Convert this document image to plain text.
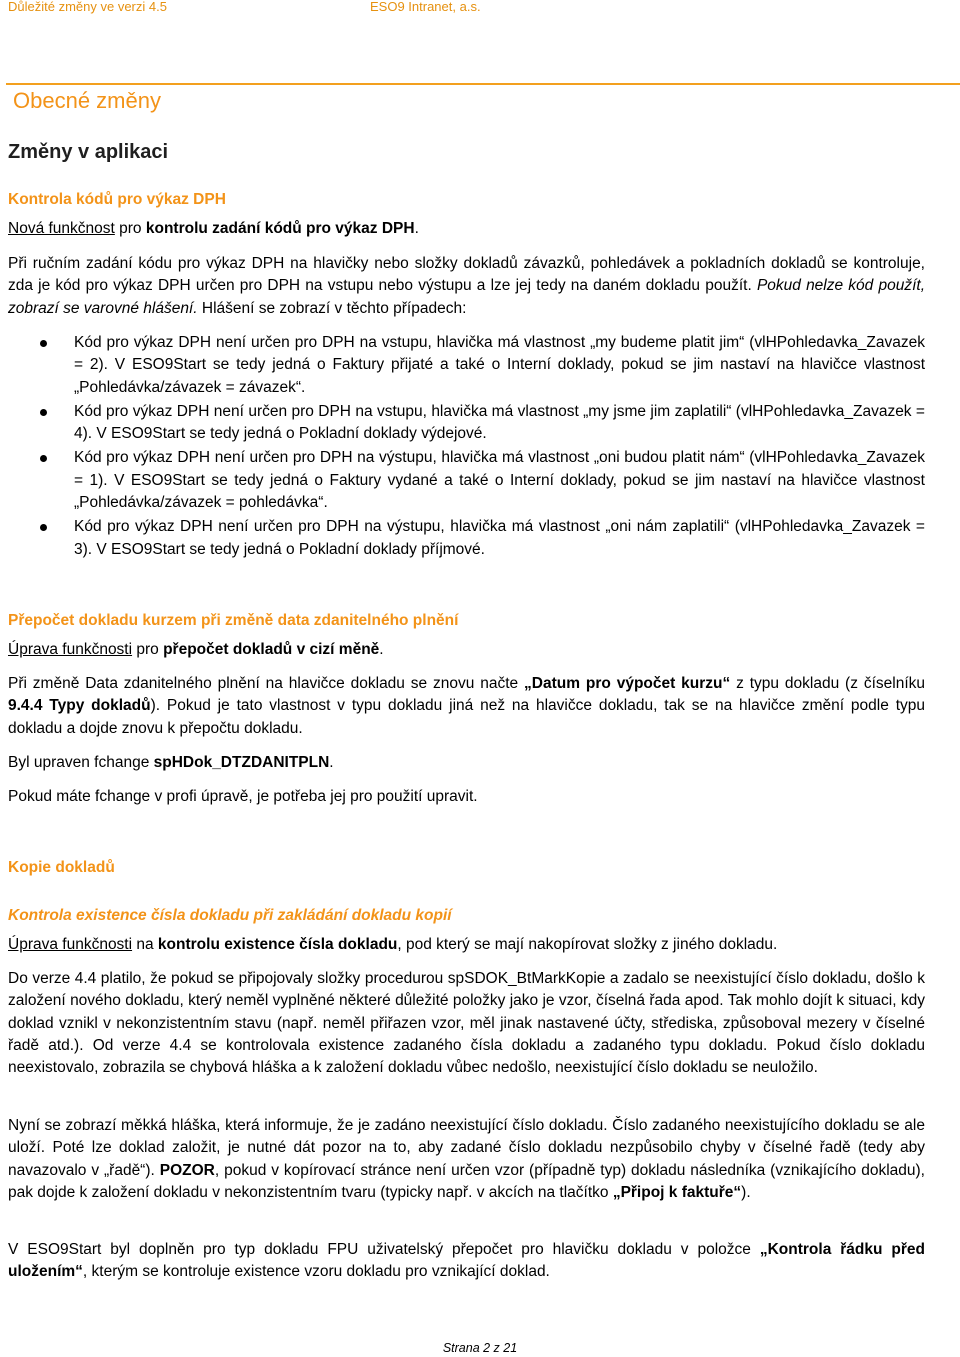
Důležité změny ve verzi 4.5	ESO9 Intranet, a.s.
Obecné změny
Změny v aplikaci
Kontrola kódů pro výkaz DPH

Nová funkčnost pro kontrolu zadání kódů pro výkaz DPH.

Při ručním zadání kódu pro výkaz DPH na hlavičky nebo složky dokladů závazků, pohledávek a pokladních dokladů se kontroluje, zda je kód pro výkaz DPH určen pro DPH na vstupu nebo výstupu a lze jej tedy na daném dokladu použít. Pokud nelze kód použít, zobrazí se varovné hlášení. Hlášení se zobrazí v těchto případech:

Kód pro výkaz DPH není určen pro DPH na vstupu, hlavička má vlastnost „my budeme platit jim“ (vlHPohledavka_Zavazek = 2). V ESO9Start se tedy jedná o Faktury přijaté a také o Interní doklady, pokud se jim nastaví na hlavičce vlastnost „Pohledávka/závazek = závazek“.
Kód pro výkaz DPH není určen pro DPH na vstupu, hlavička má vlastnost „my jsme jim zaplatili“ (vlHPohledavka_Zavazek = 4). V ESO9Start se tedy jedná o Pokladní doklady výdejové.
Kód pro výkaz DPH není určen pro DPH na výstupu, hlavička má vlastnost „oni budou platit nám“ (vlHPohledavka_Zavazek = 1). V ESO9Start se tedy jedná o Faktury vydané a také o Interní doklady, pokud se jim nastaví na hlavičce vlastnost „Pohledávka/závazek = pohledávka“.
Kód pro výkaz DPH není určen pro DPH na výstupu, hlavička má vlastnost „oni nám zaplatili“ (vlHPohledavka_Zavazek = 3). V ESO9Start se tedy jedná o Pokladní doklady příjmové.
Přepočet dokladu kurzem při změně data zdanitelného plnění

Úprava funkčnosti pro přepočet dokladů v cizí měně.

Při změně Data zdanitelného plnění na hlavičce dokladu se znovu načte „Datum pro výpočet kurzu“ z typu dokladu (z číselníku 9.4.4 Typy dokladů). Pokud je tato vlastnost v typu dokladu jiná než na hlavičce dokladu, tak se na hlavičce změní podle typu dokladu a dojde znovu k přepočtu dokladu.

Byl upraven fchange spHDok_DTZDANITPLN.

Pokud máte fchange v profi úpravě, je potřeba jej pro použití upravit.

Kopie dokladů
Kontrola existence čísla dokladu při zakládání dokladu kopií

Úprava funkčnosti na kontrolu existence čísla dokladu, pod který se mají nakopírovat složky z jiného dokladu.

Do verze 4.4 platilo, že pokud se připojovaly složky procedurou spSDOK_BtMarkKopie a zadalo se neexistující číslo dokladu, došlo k založení nového dokladu, který neměl vyplněné některé důležité položky jako je vzor, číselná řada apod. Tak mohlo dojít k situaci, kdy doklad vznikl v nekonzistentním stavu (např. neměl přiřazen vzor, měl jinak nastavené účty, střediska, způsoboval mezery v číselné řadě atd.). Od verze 4.4 se kontrolovala existence zadaného čísla dokladu a zadaného typu dokladu. Pokud číslo dokladu neexistovalo, zobrazila se chybová hláška a k založení dokladu vůbec nedošlo, neexistující číslo dokladu se neuložilo.

Nyní se zobrazí měkká hláška, která informuje, že je zadáno neexistující číslo dokladu. Číslo zadaného neexistujícího dokladu se ale uloží. Poté lze doklad založit, je nutné dát pozor na to, aby zadané číslo dokladu nezpůsobilo chyby v číselné řadě (tedy aby navazovalo v „řadě“). POZOR, pokud v kopírovací stránce není určen vzor (případně typ) dokladu následníka (vznikajícího dokladu), pak dojde k založení dokladu v nekonzistentním tvaru (typicky např. v akcích na tlačítko „Připoj k faktuře“).

V ESO9Start byl doplněn pro typ dokladu FPU uživatelský přepočet pro hlavičku dokladu v položce „Kontrola řádku před uložením“, kterým se kontroluje existence vzoru dokladu pro vznikající doklad.

Strana 2 z 21
